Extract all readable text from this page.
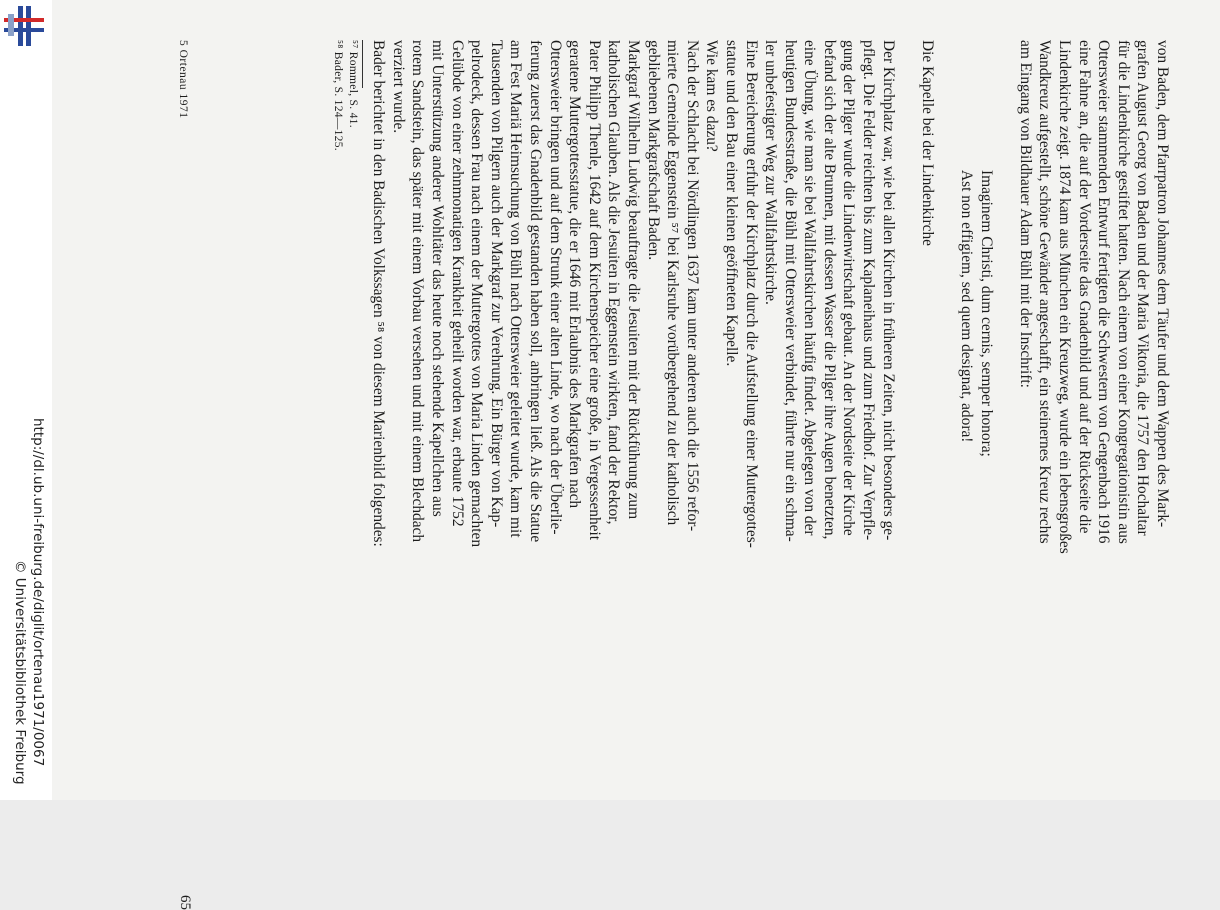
http://dl.ub.uni-freiburg.de/diglit/ortenau1971/0067
© Universitätsbibliothek Freiburg

von Baden, dem Pfarrpatron Johannes dem Täufer und dem Wappen des Mark-

grafen August Georg von Baden und der Maria Viktoria, die 1757 den Hochaltar

für die Lindenkirche gestiftet hatten. Nach einem von einer Kongregationistin aus

Ottersweier stammenden Entwurf fertigten die Schwestern von Gengenbach 1916

eine Fahne an, die auf der Vorderseite das Gnadenbild und auf der Rückseite die

Lindenkirche zeigt. 1874 kam aus München ein Kreuzweg, wurde ein lebensgroßes

Wandkreuz aufgestellt, schöne Gewänder angeschafft, ein steinernes Kreuz rechts

am Eingang von Bildhauer Adam Bühl mit der Inschrift:

Imaginem Christi, dum cernis, semper honora;

Ast non effigiem, sed quem designat, adora!

Die Kapelle bei der Lindenkirche

Der Kirchplatz war, wie bei allen Kirchen in früheren Zeiten, nicht besonders ge-

pflegt. Die Felder reichten bis zum Kaplaneihaus und zum Friedhof. Zur Verpfle-

gung der Pilger wurde die Lindenwirtschaft gebaut. An der Nordseite der Kirche

befand sich der alte Brunnen, mit dessen Wasser die Pilger ihre Augen benetzten,

eine Übung, wie man sie bei Wallfahrtskirchen häufig findet. Abgelegen von der

heutigen Bundesstraße, die Bühl mit Ottersweier verbindet, führte nur ein schma-

ler unbefestigter Weg zur Wallfahrtskirche.

Eine Bereicherung erfuhr der Kirchplatz durch die Aufstellung einer Muttergottes-

statue und den Bau einer kleinen geöffneten Kapelle.

Wie kam es dazu?

Nach der Schlacht bei Nördlingen 1637 kam unter anderen auch die 1556 refor-

mierte Gemeinde Eggenstein ⁵⁷ bei Karlsruhe vorübergehend zu der katholisch

gebliebenen Markgrafschaft Baden.

Markgraf Wilhelm Ludwig beauftragte die Jesuiten mit der Rückführung zum

katholischen Glauben. Als die Jesuiten in Eggenstein wirkten, fand der Rektor,

Pater Philipp Thenle, 1642 auf dem Kirchenspeicher eine große, in Vergessenheit

geratene Muttergottesstatue, die er 1646 mit Erlaubnis des Markgrafen nach

Ottersweier bringen und auf dem Strunk einer alten Linde, wo nach der Überlie-

ferung zuerst das Gnadenbild gestanden haben soll, anbringen ließ. Als die Statue

am Fest Mariä Heimsuchung von Bühl nach Ottersweier geleitet wurde, kam mit

Tausenden von Pilgern auch der Markgraf zur Verehrung. Ein Bürger von Kap-

pelrodeck, dessen Frau nach einem der Muttergottes von Maria Linden gemachten

Gelübde von einer zehnmonatigen Krankheit geheilt worden war, erbaute 1752

mit Unterstützung anderer Wohltäter das heute noch stehende Kapellchen aus

rotem Sandstein, das später mit einem Vorbau versehen und mit einem Blechdach

verziert wurde.

Bader berichtet in den Badischen Volkssagen ⁵⁸ von diesem Marienbild folgendes:

⁵⁷ Rommel, S. 41.

⁵⁸ Bader, S. 124—125.

5 Ortenau 1971
65
